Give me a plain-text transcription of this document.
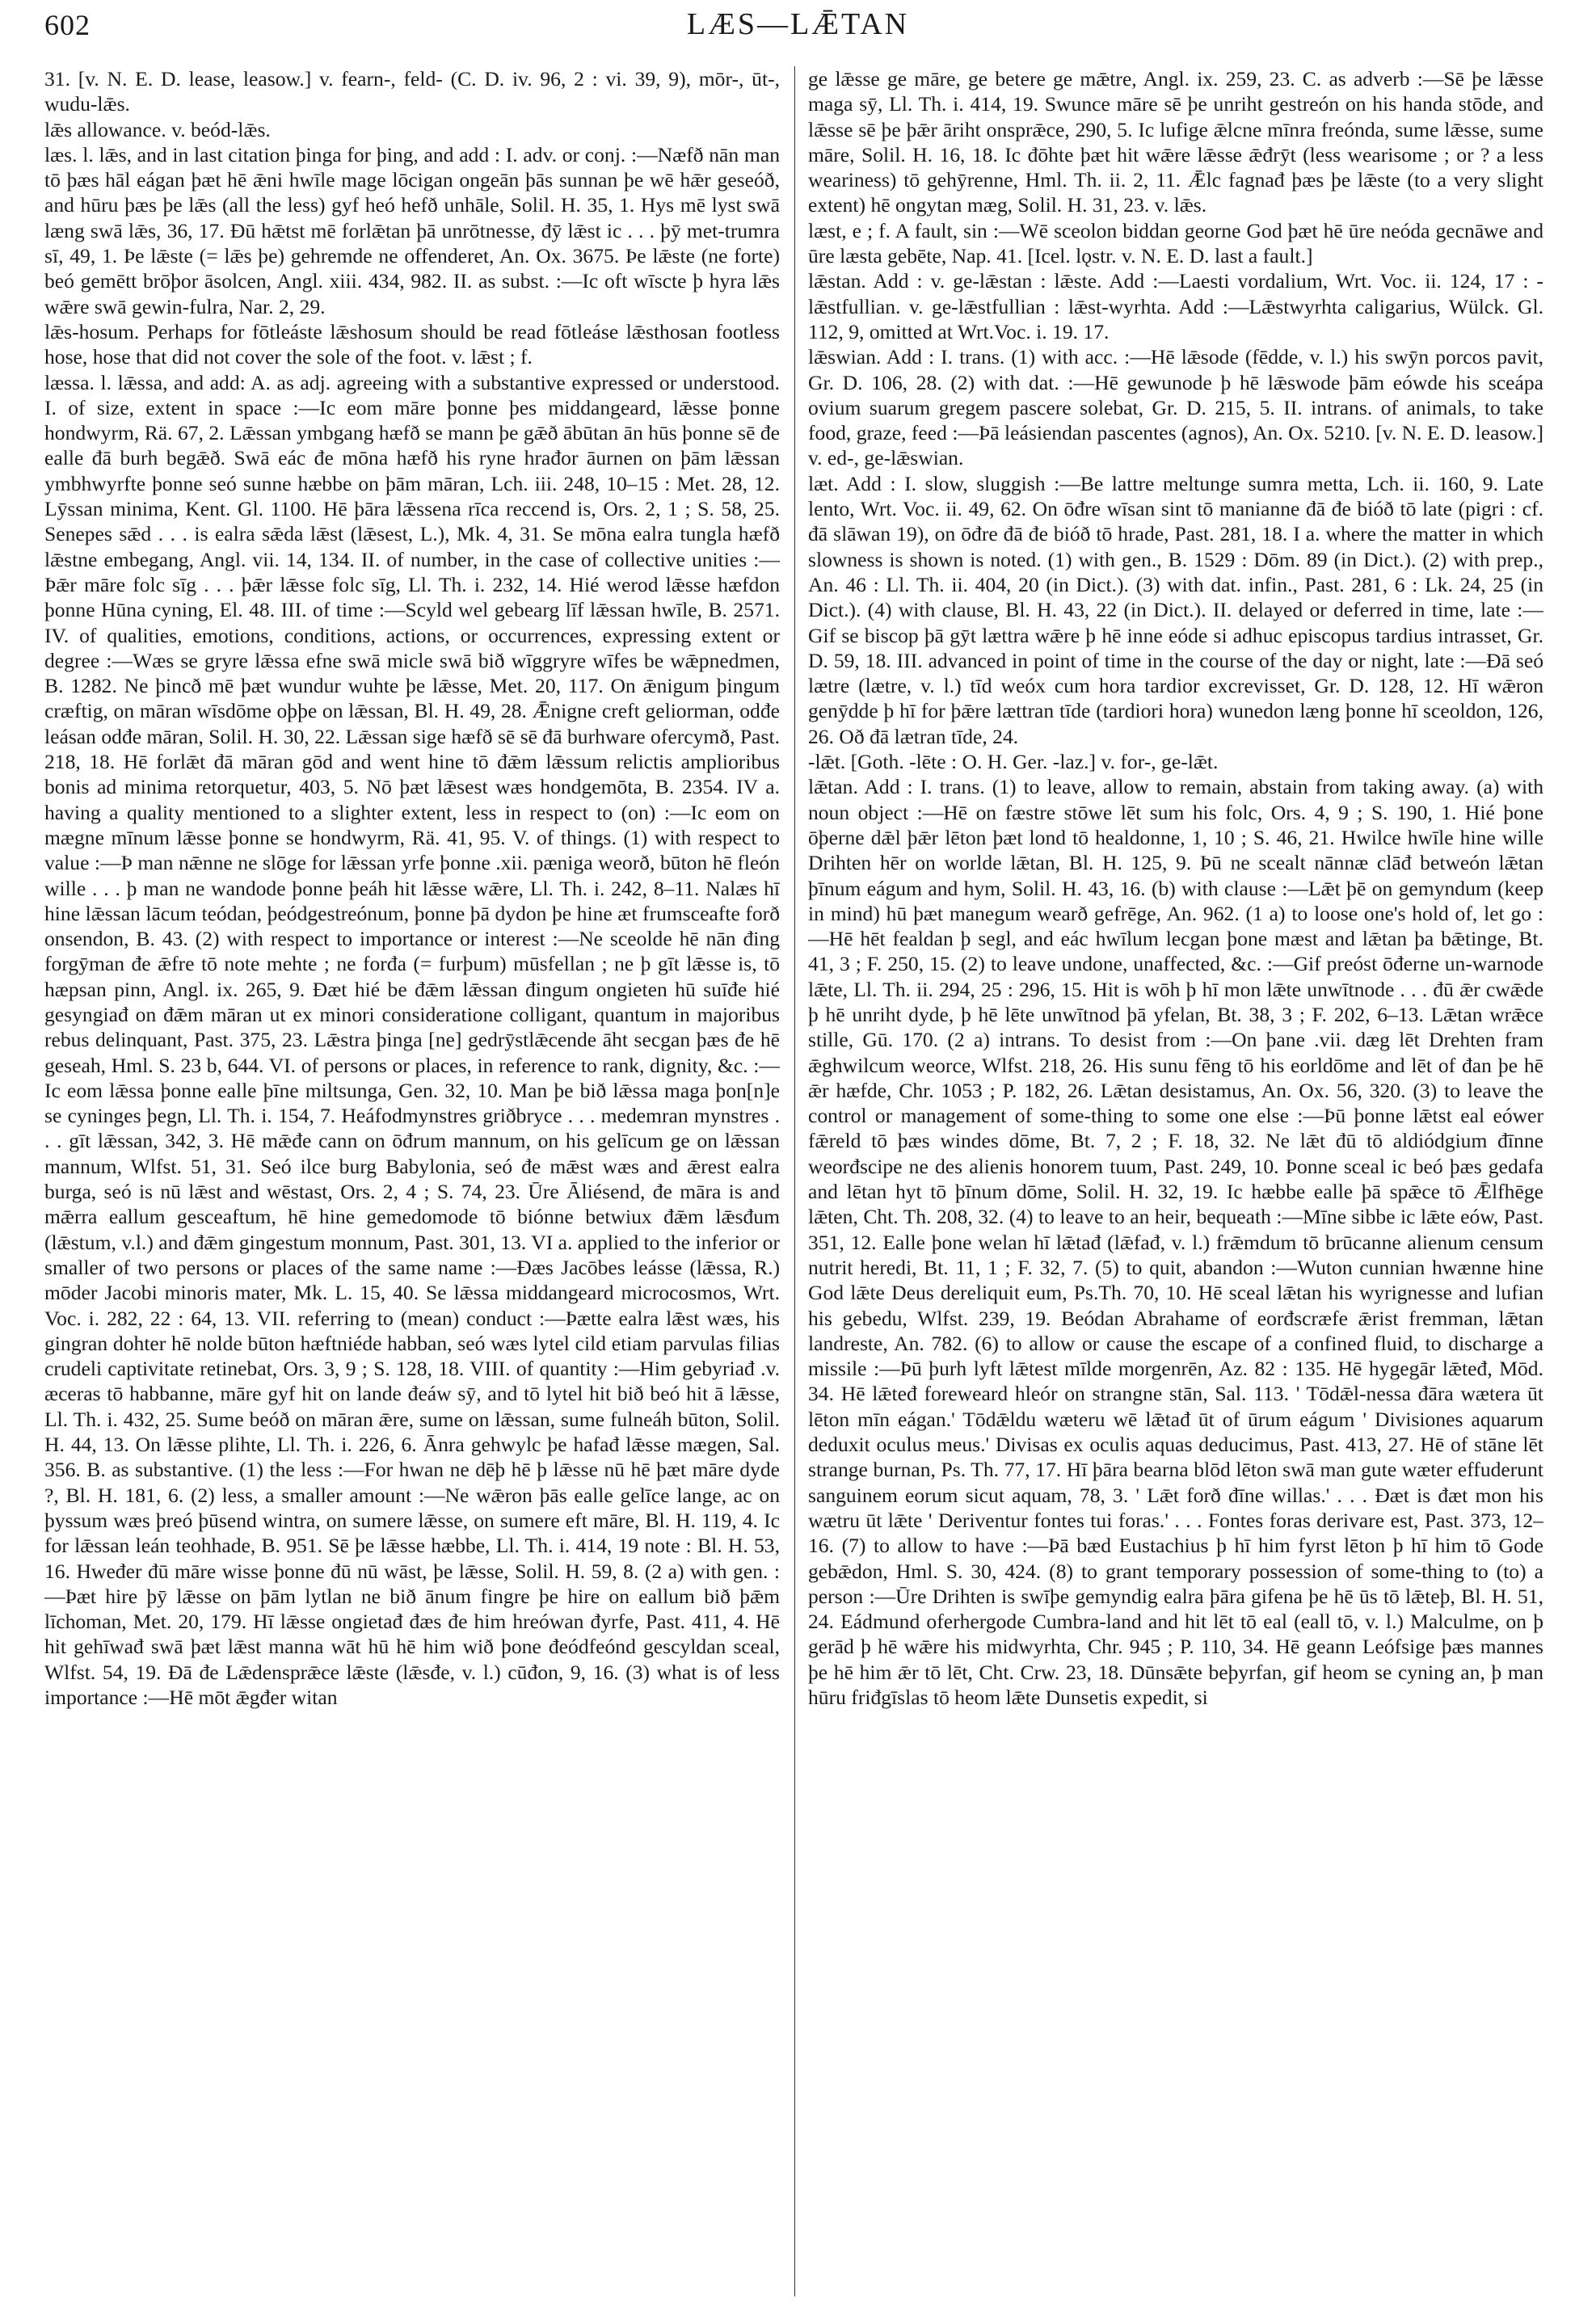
602	LÆS—LǢTAN

31. [v. N. E. D. lease, leasow.] v. fearn-, feld- (C. D. iv. 96, 2 : vi. 39, 9), mōr-, ūt-, wudu-lǣs.

lǣs allowance. v. beód-lǣs.

læs. l. lǣs, and in last citation þinga for þing, and add : I. adv. or conj. :—Næfð nān man tō þæs hāl eágan þæt hē ǣni hwīle mage lōcigan ongeān þās sunnan þe wē hǣr geseóð, and hūru þæs þe lǣs (all the less) gyf heó hefð unhāle, Solil. H. 35, 1. Hys mē lyst swā læng swā lǣs, 36, 17. Đū hǣtst mē forlǣtan þā unrōtnesse, đȳ lǣst ic . . . þȳ met-trumra sī, 49, 1. Þe lǣste (= lǣs þe) gehremde ne offenderet, An. Ox. 3675. Þe lǣste (ne forte) beó gemētt brōþor āsolcen, Angl. xiii. 434, 982. II. as subst. :—Ic oft wīscte þ hyra lǣs wǣre swā gewin-fulra, Nar. 2, 29.

lǣs-hosum. Perhaps for fōtleáste lǣshosum should be read fōtleáse lǣsthosan footless hose, hose that did not cover the sole of the foot. v. lǣst ; f.

læssa. l. lǣssa, and add: A. as adj. agreeing with a substantive expressed or understood. I. of size, extent in space :—Ic eom māre þonne þes middangeard, lǣsse þonne hondwyrm, Rä. 67, 2. Lǣssan ymbgang hæfð se mann þe gǣð ābūtan ān hūs þonne sē đe ealle đā burh begǣð. Swā eác đe mōna hæfð his ryne hrađor āurnen on þām lǣssan ymbhwyrfte þonne seó sunne hæbbe on þām māran, Lch. iii. 248, 10–15 : Met. 28, 12. Lȳssan minima, Kent. Gl. 1100. Hē þāra lǣssena rīca reccend is, Ors. 2, 1 ; S. 58, 25. Senepes sǣd . . . is ealra sǣda lǣst (lǣsest, L.), Mk. 4, 31. Se mōna ealra tungla hæfð lǣstne embegang, Angl. vii. 14, 134. II. of number, in the case of collective unities :—Þǣr māre folc sīg . . . þǣr lǣsse folc sīg, Ll. Th. i. 232, 14. Hié werod lǣsse hæfdon þonne Hūna cyning, El. 48. III. of time :—Scyld wel gebearg līf lǣssan hwīle, B. 2571. IV. of qualities, emotions, conditions, actions, or occurrences, expressing extent or degree :—Wæs se gryre lǣssa efne swā micle swā bið wīggryre wīfes be wǣpnedmen, B. 1282. Ne þincð mē þæt wundur wuhte þe lǣsse, Met. 20, 117. On ǣnigum þingum cræftig, on māran wīsdōme oþþe on lǣssan, Bl. H. 49, 28. Ǣnigne creft geliorman, odđe leásan odđe māran, Solil. H. 30, 22. Lǣssan sige hæfð sē sē đā burhware ofercymð, Past. 218, 18. Hē forlǣt đā māran gōd and went hine tō đǣm lǣssum relictis amplioribus bonis ad minima retorquetur, 403, 5. Nō þæt lǣsest wæs hondgemōta, B. 2354. IV a. having a quality mentioned to a slighter extent, less in respect to (on) :—Ic eom on mægne mīnum lǣsse þonne se hondwyrm, Rä. 41, 95. V. of things. (1) with respect to value :—Þ man nǣnne ne slōge for lǣssan yrfe þonne .xii. pæniga weorð, būton hē fleón wille . . . þ man ne wandode þonne þeáh hit lǣsse wǣre, Ll. Th. i. 242, 8–11. Nalæs hī hine lǣssan lācum teódan, þeódgestreónum, þonne þā dydon þe hine æt frumsceafte forð onsendon, B. 43. (2) with respect to importance or interest :—Ne sceolde hē nān đing forgȳman đe ǣfre tō note mehte ; ne forđa (= furþum) mūsfellan ; ne þ gīt lǣsse is, tō hæpsan pinn, Angl. ix. 265, 9. Đæt hié be đǣm lǣssan đingum ongieten hū suīđe hié gesyngiađ on đǣm māran ut ex minori consideratione colligant, quantum in majoribus rebus delinquant, Past. 375, 23. Lǣstra þinga [ne] gedrȳstlǣcende āht secgan þæs đe hē geseah, Hml. S. 23 b, 644. VI. of persons or places, in reference to rank, dignity, &c. :—Ic eom lǣssa þonne ealle þīne miltsunga, Gen. 32, 10. Man þe bið lǣssa maga þon[n]e se cyninges þegn, Ll. Th. i. 154, 7. Heáfodmynstres griðbryce . . . medemran mynstres . . . gīt lǣssan, 342, 3. Hē mǣđe cann on ōđrum mannum, on his gelīcum ge on lǣssan mannum, Wlfst. 51, 31. Seó ilce burg Babylonia, seó đe mǣst wæs and ǣrest ealra burga, seó is nū lǣst and wēstast, Ors. 2, 4 ; S. 74, 23. Ūre Āliésend, đe māra is and mǣrra eallum gesceaftum, hē hine gemedomode tō biónne betwiux đǣm lǣsđum (lǣstum, v.l.) and đǣm gingestum monnum, Past. 301, 13. VI a. applied to the inferior or smaller of two persons or places of the same name :—Đæs Jacōbes leásse (lǣssa, R.) mōder Jacobi minoris mater, Mk. L. 15, 40. Se lǣssa middangeard microcosmos, Wrt. Voc. i. 282, 22 : 64, 13. VII. referring to (mean) conduct :—Þætte ealra lǣst wæs, his gingran dohter hē nolde būton hæftniéde habban, seó wæs lytel cild etiam parvulas filias crudeli captivitate retinebat, Ors. 3, 9 ; S. 128, 18. VIII. of quantity :—Him gebyriađ .v. æceras tō habbanne, māre gyf hit on lande đeáw sȳ, and tō lytel hit bið beó hit ā lǣsse, Ll. Th. i. 432, 25. Sume beóð on māran ǣre, sume on lǣssan, sume fulneáh būton, Solil. H. 44, 13. On lǣsse plihte, Ll. Th. i. 226, 6. Ānra gehwylc þe hafađ lǣsse mægen, Sal. 356. B. as substantive. (1) the less :—For hwan ne dēþ hē þ lǣsse nū hē þæt māre dyde ?, Bl. H. 181, 6. (2) less, a smaller amount :—Ne wǣron þās ealle gelīce lange, ac on þyssum wæs þreó þūsend wintra, on sumere lǣsse, on sumere eft māre, Bl. H. 119, 4. Ic for lǣssan leán teohhade, B. 951. Sē þe lǣsse hæbbe, Ll. Th. i. 414, 19 note : Bl. H. 53, 16. Hweđer đū māre wisse þonne đū nū wāst, þe lǣsse, Solil. H. 59, 8. (2 a) with gen. :—Þæt hire þȳ lǣsse on þām lytlan ne bið ānum fingre þe hire on eallum bið þǣm līchoman, Met. 20, 179. Hī lǣsse ongietađ đæs đe him hreówan đyrfe, Past. 411, 4. Hē hit gehīwađ swā þæt lǣst manna wāt hū hē him wið þone đeódfeónd gescyldan sceal, Wlfst. 54, 19. Đā đe Lǣdensprǣce lǣste (lǣsđe, v. l.) cūđon, 9, 16. (3) what is of less importance :—Hē mōt ǣgđer witan

ge lǣsse ge māre, ge betere ge mǣtre, Angl. ix. 259, 23. C. as adverb :—Sē þe lǣsse maga sȳ, Ll. Th. i. 414, 19. Swunce māre sē þe unriht gestreón on his handa stōde, and lǣsse sē þe þǣr āriht onsprǣce, 290, 5. Ic lufige ǣlcne mīnra freónda, sume lǣsse, sume māre, Solil. H. 16, 18. Ic đōhte þæt hit wǣre lǣsse ǣđrȳt (less wearisome ; or ? a less weariness) tō gehȳrenne, Hml. Th. ii. 2, 11. Ǣlc fagnađ þæs þe lǣste (to a very slight extent) hē ongytan mæg, Solil. H. 31, 23. v. lǣs.

læst, e ; f. A fault, sin :—Wē sceolon biddan georne God þæt hē ūre neóda gecnāwe and ūre læsta gebēte, Nap. 41. [Icel. lǫstr. v. N. E. D. last a fault.]

lǣstan. Add : v. ge-lǣstan : lǣste. Add :—Laesti vordalium, Wrt. Voc. ii. 124, 17 : -lǣstfullian. v. ge-lǣstfullian : lǣst-wyrhta. Add :—Lǣstwyrhta caligarius, Wülck. Gl. 112, 9, omitted at Wrt.Voc. i. 19. 17.

lǣswian. Add : I. trans. (1) with acc. :—Hē lǣsode (fēdde, v. l.) his swȳn porcos pavit, Gr. D. 106, 28. (2) with dat. :—Hē gewunode þ hē lǣswode þām eówde his sceápa ovium suarum gregem pascere solebat, Gr. D. 215, 5. II. intrans. of animals, to take food, graze, feed :—Þā leásiendan pascentes (agnos), An. Ox. 5210. [v. N. E. D. leasow.] v. ed-, ge-lǣswian.

læt. Add : I. slow, sluggish :—Be lattre meltunge sumra metta, Lch. ii. 160, 9. Late lento, Wrt. Voc. ii. 49, 62. On ōđre wīsan sint tō manianne đā đe bióð tō late (pigri : cf. đā slāwan 19), on ōđre đā đe bióð tō hrade, Past. 281, 18. I a. where the matter in which slowness is shown is noted. (1) with gen., B. 1529 : Dōm. 89 (in Dict.). (2) with prep., An. 46 : Ll. Th. ii. 404, 20 (in Dict.). (3) with dat. infin., Past. 281, 6 : Lk. 24, 25 (in Dict.). (4) with clause, Bl. H. 43, 22 (in Dict.). II. delayed or deferred in time, late :—Gif se biscop þā gȳt lættra wǣre þ hē inne eóde si adhuc episcopus tardius intrasset, Gr. D. 59, 18. III. advanced in point of time in the course of the day or night, late :—Đā seó lætre (lætre, v. l.) tīd weóx cum hora tardior excrevisset, Gr. D. 128, 12. Hī wǣron genȳdde þ hī for þǣre lættran tīde (tardiori hora) wunedon læng þonne hī sceoldon, 126, 26. Oð đā lætran tīde, 24.

-lǣt. [Goth. -lēte : O. H. Ger. -laz.] v. for-, ge-lǣt.

lǣtan. Add : I. trans. (1) to leave, allow to remain, abstain from taking away. (a) with noun object :—Hē on fæstre stōwe lēt sum his folc, Ors. 4, 9 ; S. 190, 1. Hié þone ōþerne dǣl þǣr lēton þæt lond tō healdonne, 1, 10 ; S. 46, 21. Hwilce hwīle hine wille Drihten hēr on worlde lǣtan, Bl. H. 125, 9. Þū ne scealt nānnæ clāđ betweón lǣtan þīnum eágum and hym, Solil. H. 43, 16. (b) with clause :—Lǣt þē on gemyndum (keep in mind) hū þæt manegum wearð gefrēge, An. 962. (1 a) to loose one's hold of, let go :—Hē hēt fealdan þ segl, and eác hwīlum lecgan þone mæst and lǣtan þa bǣtinge, Bt. 41, 3 ; F. 250, 15. (2) to leave undone, unaffected, &c. :—Gif preóst ōđerne un-warnode lǣte, Ll. Th. ii. 294, 25 : 296, 15. Hit is wōh þ hī mon lǣte unwītnode . . . đū ǣr cwǣde þ hē unriht dyde, þ hē lēte unwītnod þā yfelan, Bt. 38, 3 ; F. 202, 6–13. Lǣtan wrǣce stille, Gū. 170. (2 a) intrans. To desist from :—On þane .vii. dæg lēt Drehten fram ǣghwilcum weorce, Wlfst. 218, 26. His sunu fēng tō his eorldōme and lēt of đan þe hē ǣr hæfde, Chr. 1053 ; P. 182, 26. Lǣtan desistamus, An. Ox. 56, 320. (3) to leave the control or management of some-thing to some one else :—Þū þonne lǣtst eal eówer fǣreld tō þæs windes dōme, Bt. 7, 2 ; F. 18, 32. Ne lǣt đū tō aldiódgium đīnne weorđscipe ne des alienis honorem tuum, Past. 249, 10. Þonne sceal ic beó þæs gedafa and lētan hyt tō þīnum dōme, Solil. H. 32, 19. Ic hæbbe ealle þā spǣce tō Ǣlfhēge lǣten, Cht. Th. 208, 32. (4) to leave to an heir, bequeath :—Mīne sibbe ic lǣte eów, Past. 351, 12. Ealle þone welan hī lǣtađ (lǣfađ, v. l.) frǣmdum tō brūcanne alienum censum nutrit heredi, Bt. 11, 1 ; F. 32, 7. (5) to quit, abandon :—Wuton cunnian hwænne hine God lǣte Deus dereliquit eum, Ps.Th. 70, 10. Hē sceal lǣtan his wyrignesse and lufian his gebedu, Wlfst. 239, 19. Beódan Abrahame of eorđscræfe ǣrist fremman, lǣtan landreste, An. 782. (6) to allow or cause the escape of a confined fluid, to discharge a missile :—Þū þurh lyft lǣtest mīlde morgenrēn, Az. 82 : 135. Hē hygegār lǣteđ, Mōd. 34. Hē lǣteđ foreweard hleór on strangne stān, Sal. 113. ' Tōdǣl-nessa đāra wætera ūt lēton mīn eágan.' Tōdǣldu wæteru wē lǣtađ ūt of ūrum eágum ' Divisiones aquarum deduxit oculus meus.' Divisas ex oculis aquas deducimus, Past. 413, 27. Hē of stāne lēt strange burnan, Ps. Th. 77, 17. Hī þāra bearna blōd lēton swā man gute wæter effuderunt sanguinem eorum sicut aquam, 78, 3. ' Lǣt forð đīne willas.' . . . Đæt is đæt mon his wætru ūt lǣte ' Deriventur fontes tui foras.' . . . Fontes foras derivare est, Past. 373, 12–16. (7) to allow to have :—Þā bæd Eustachius þ hī him fyrst lēton þ hī him tō Gode gebǣdon, Hml. S. 30, 424. (8) to grant temporary possession of some-thing to (to) a person :—Ūre Drihten is swīþe gemyndig ealra þāra gifena þe hē ūs tō lǣteþ, Bl. H. 51, 24. Eádmund oferhergode Cumbra-land and hit lēt tō eal (eall tō, v. l.) Malculme, on þ gerād þ hē wǣre his midwyrhta, Chr. 945 ; P. 110, 34. Hē geann Leófsige þæs mannes þe hē him ǣr tō lēt, Cht. Crw. 23, 18. Dūnsǣte beþyrfan, gif heom se cyning an, þ man hūru friđgīslas tō heom lǣte Dunsetis expedit, si
